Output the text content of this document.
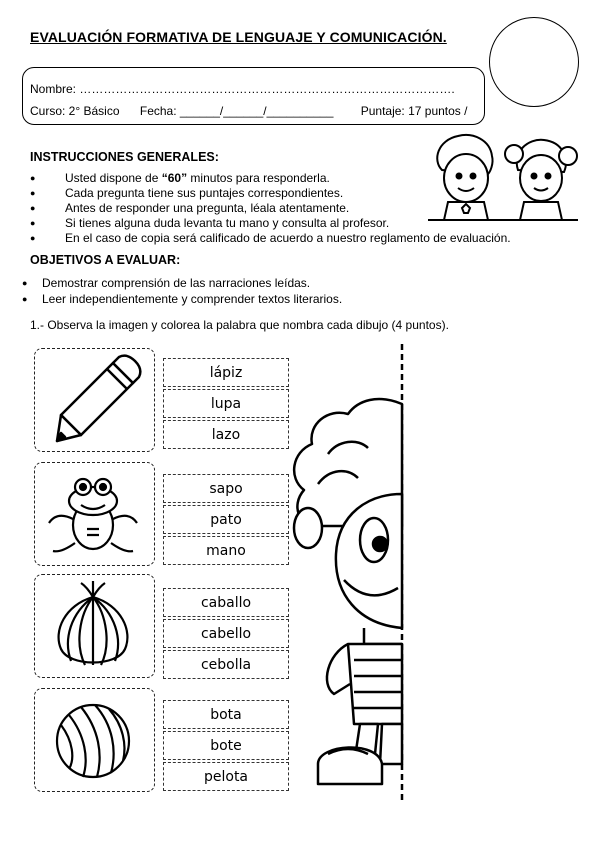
EVALUACIÓN FORMATIVA DE LENGUAJE Y COMUNICACIÓN.
Nombre: ………………………………………………………………………………….
Curso: 2° Básico Fecha: ______/______/__________ Puntaje: 17 puntos /
INSTRUCCIONES GENERALES:
● Usted dispone de “60” minutos para responderla.
● Cada pregunta tiene sus puntajes correspondientes.
● Antes de responder una pregunta, léala atentamente.
● Si tienes alguna duda levanta tu mano y consulta al profesor.
● En el caso de copia será calificado de acuerdo a nuestro reglamento de evaluación.
OBJETIVOS A EVALUAR:
● Demostrar comprensión de las narraciones leídas.
● Leer independientemente y comprender textos literarios.
1.- Observa la imagen y colorea la palabra que nombra cada dibujo (4 puntos).
lápiz
lupa
lazo
sapo
pato
mano
caballo
cabello
cebolla
bota
bote
pelota
